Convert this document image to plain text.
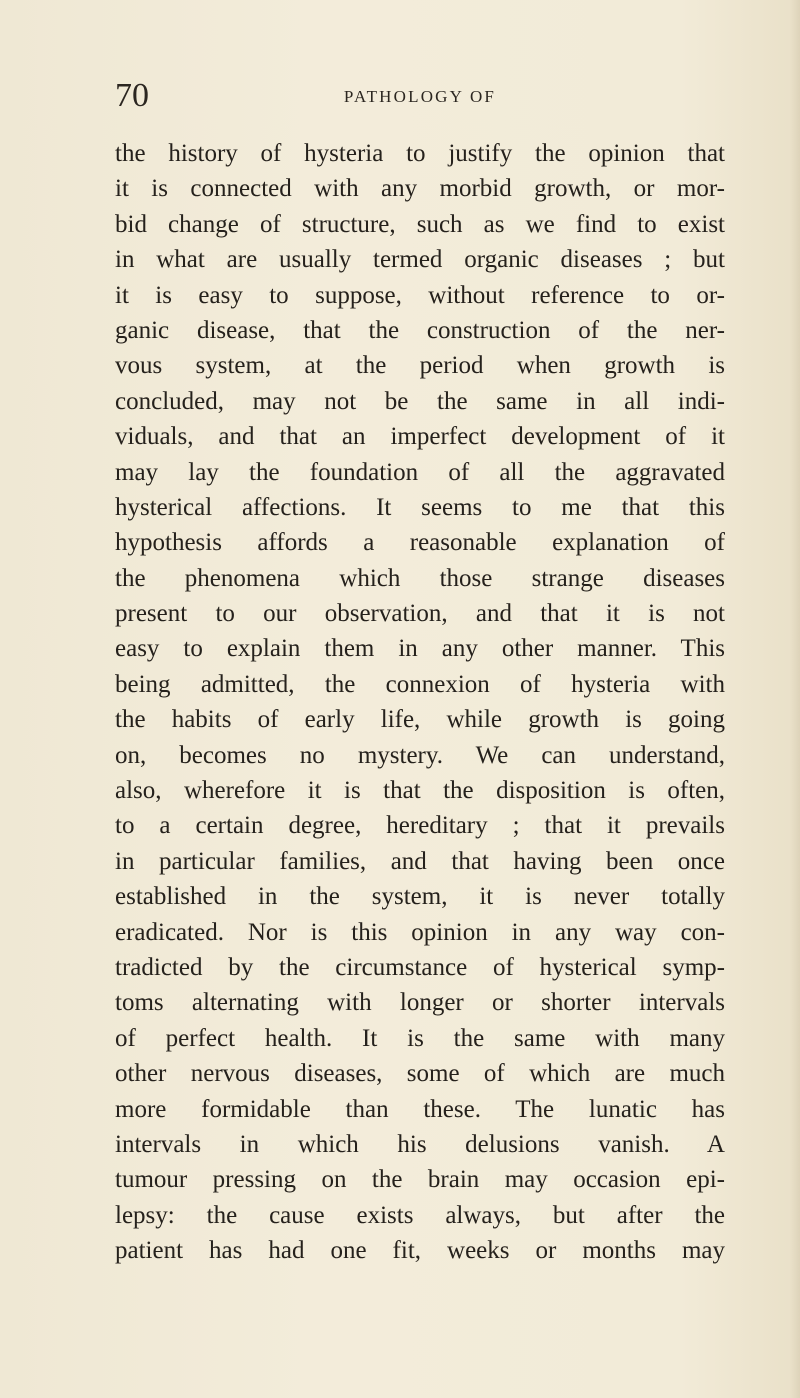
70	PATHOLOGY OF
the history of hysteria to justify the opinion that
it is connected with any morbid growth, or mor-
bid change of structure, such as we find to exist
in what are usually termed organic diseases ; but
it is easy to suppose, without reference to or-
ganic disease, that the construction of the ner-
vous system, at the period when growth is
concluded, may not be the same in all indi-
viduals, and that an imperfect development of it
may lay the foundation of all the aggravated
hysterical affections. It seems to me that this
hypothesis affords a reasonable explanation of
the phenomena which those strange diseases
present to our observation, and that it is not
easy to explain them in any other manner. This
being admitted, the connexion of hysteria with
the habits of early life, while growth is going
on, becomes no mystery. We can understand,
also, wherefore it is that the disposition is often,
to a certain degree, hereditary ; that it prevails
in particular families, and that having been once
established in the system, it is never totally
eradicated. Nor is this opinion in any way con-
tradicted by the circumstance of hysterical symp-
toms alternating with longer or shorter intervals
of perfect health. It is the same with many
other nervous diseases, some of which are much
more formidable than these. The lunatic has
intervals in which his delusions vanish. A
tumour pressing on the brain may occasion epi-
lepsy: the cause exists always, but after the
patient has had one fit, weeks or months may
